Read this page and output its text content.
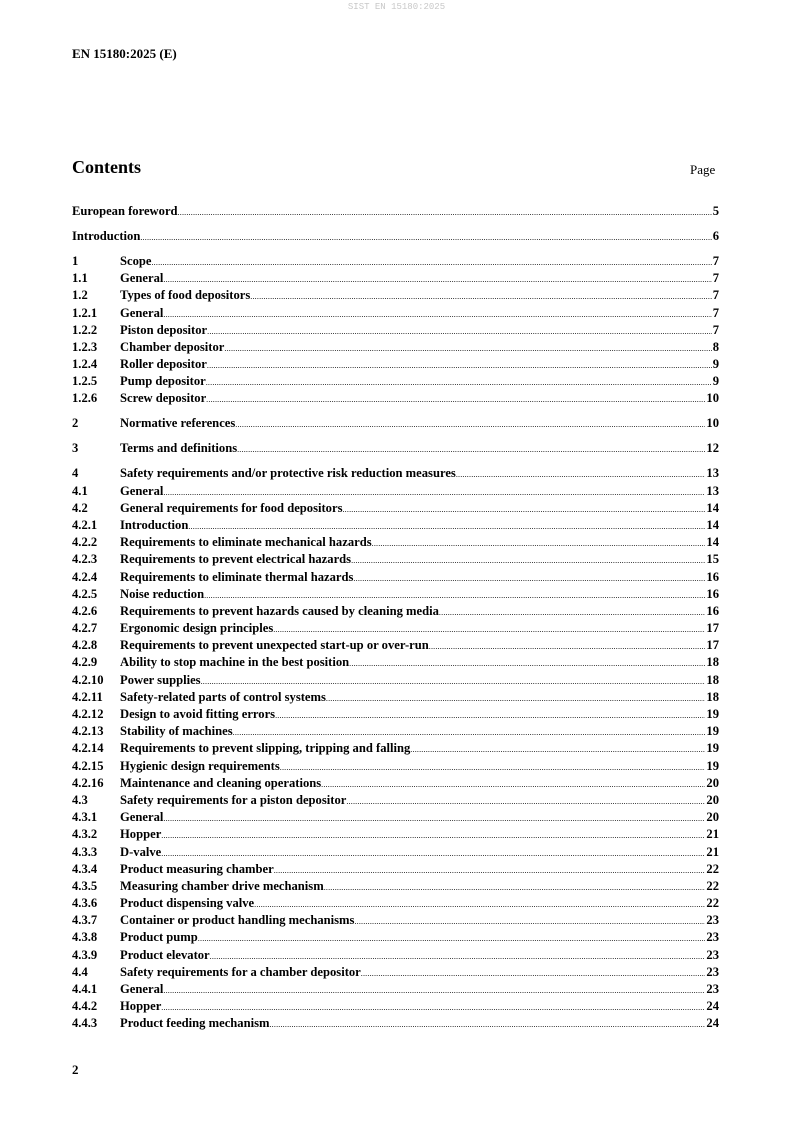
SIST EN 15180:2025
EN 15180:2025 (E)
Contents	Page
European foreword .....	5
Introduction .....	6
1	Scope .....	7
1.1	General .....	7
1.2	Types of food depositors .....	7
1.2.1	General .....	7
1.2.2	Piston depositor .....	7
1.2.3	Chamber depositor .....	8
1.2.4	Roller depositor .....	9
1.2.5	Pump depositor .....	9
1.2.6	Screw depositor .....	10
2	Normative references .....	10
3	Terms and definitions .....	12
4	Safety requirements and/or protective risk reduction measures .....	13
4.1	General .....	13
4.2	General requirements for food depositors .....	14
4.2.1	Introduction .....	14
4.2.2	Requirements to eliminate mechanical hazards .....	14
4.2.3	Requirements to prevent electrical hazards .....	15
4.2.4	Requirements to eliminate thermal hazards .....	16
4.2.5	Noise reduction .....	16
4.2.6	Requirements to prevent hazards caused by cleaning media .....	16
4.2.7	Ergonomic design principles .....	17
4.2.8	Requirements to prevent unexpected start-up or over-run .....	17
4.2.9	Ability to stop machine in the best position .....	18
4.2.10	Power supplies .....	18
4.2.11	Safety-related parts of control systems .....	18
4.2.12	Design to avoid fitting errors .....	19
4.2.13	Stability of machines .....	19
4.2.14	Requirements to prevent slipping, tripping and falling .....	19
4.2.15	Hygienic design requirements .....	19
4.2.16	Maintenance and cleaning operations .....	20
4.3	Safety requirements for a piston depositor .....	20
4.3.1	General .....	20
4.3.2	Hopper .....	21
4.3.3	D-valve .....	21
4.3.4	Product measuring chamber .....	22
4.3.5	Measuring chamber drive mechanism .....	22
4.3.6	Product dispensing valve .....	22
4.3.7	Container or product handling mechanisms .....	23
4.3.8	Product pump .....	23
4.3.9	Product elevator .....	23
4.4	Safety requirements for a chamber depositor .....	23
4.4.1	General .....	23
4.4.2	Hopper .....	24
4.4.3	Product feeding mechanism .....	24
2
